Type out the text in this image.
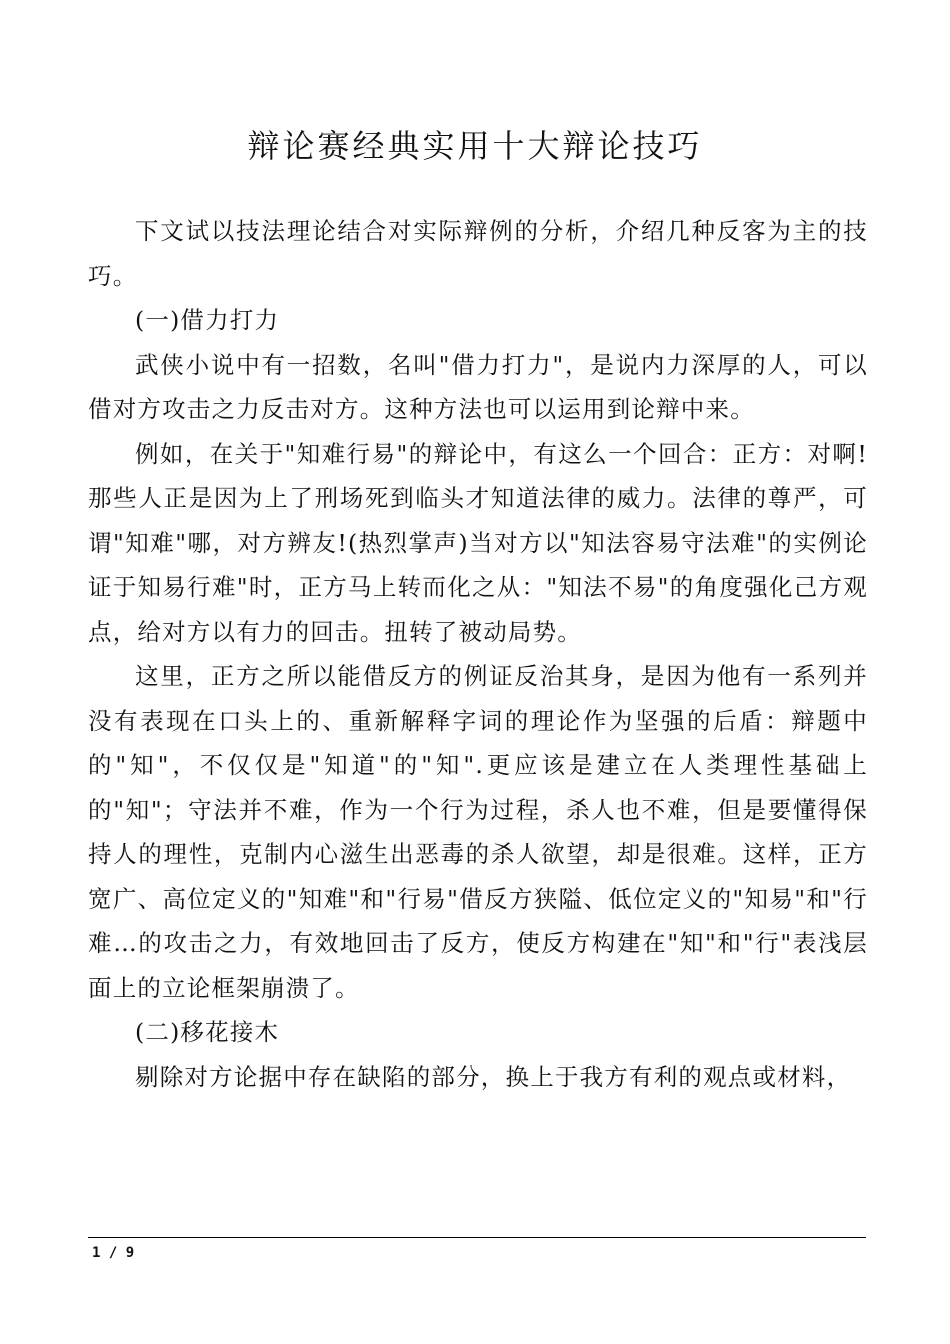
辩论赛经典实用十大辩论技巧

下文试以技法理论结合对实际辩例的分析，介绍几种反客为主的技巧。

(一)借力打力

武侠小说中有一招数，名叫"借力打力"，是说内力深厚的人，可以借对方攻击之力反击对方。这种方法也可以运用到论辩中来。

例如，在关于"知难行易"的辩论中，有这么一个回合：正方：对啊!那些人正是因为上了刑场死到临头才知道法律的威力。法律的尊严，可谓"知难"哪，对方辨友!(热烈掌声)当对方以"知法容易守法难"的实例论证于知易行难"时，正方马上转而化之从："知法不易"的角度强化己方观点，给对方以有力的回击。扭转了被动局势。

这里，正方之所以能借反方的例证反治其身，是因为他有一系列并没有表现在口头上的、重新解释字词的理论作为坚强的后盾：辩题中的"知"，不仅仅是"知道"的"知".更应该是建立在人类理性基础上的"知"；守法并不难，作为一个行为过程，杀人也不难，但是要懂得保持人的理性，克制内心滋生出恶毒的杀人欲望，却是很难。这样，正方宽广、高位定义的"知难"和"行易"借反方狭隘、低位定义的"知易"和"行难…的攻击之力，有效地回击了反方，使反方构建在"知"和"行"表浅层面上的立论框架崩溃了。

(二)移花接木

剔除对方论据中存在缺陷的部分，换上于我方有利的观点或材料，

1 / 9
